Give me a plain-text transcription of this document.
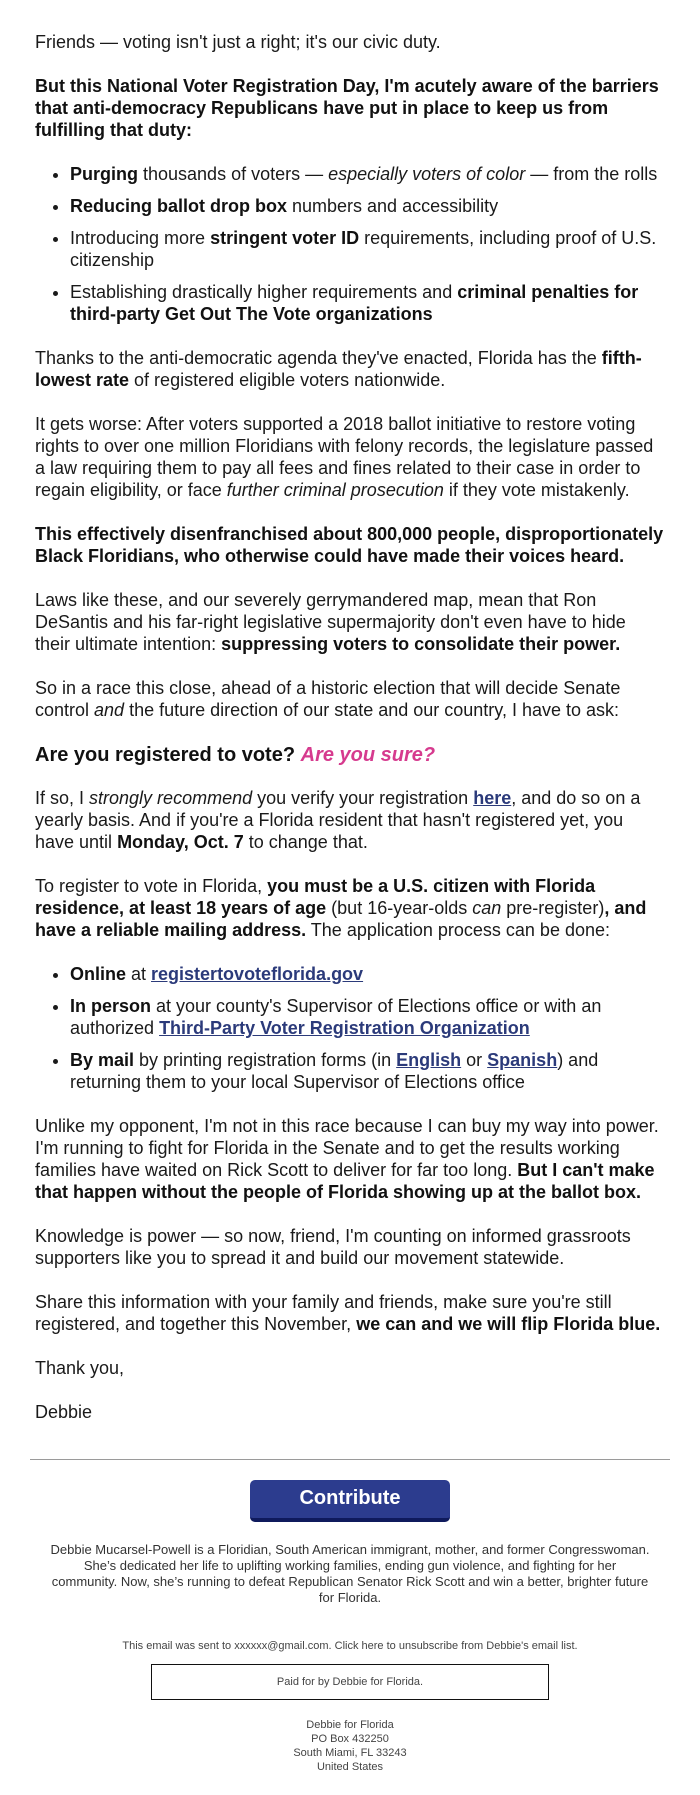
Friends — voting isn't just a right; it's our civic duty.

But this National Voter Registration Day, I'm acutely aware of the barriers that anti-democracy Republicans have put in place to keep us from fulfilling that duty:

• Purging thousands of voters — especially voters of color — from the rolls
• Reducing ballot drop box numbers and accessibility
• Introducing more stringent voter ID requirements, including proof of U.S. citizenship
• Establishing drastically higher requirements and criminal penalties for third-party Get Out The Vote organizations

Thanks to the anti-democratic agenda they've enacted, Florida has the fifth-lowest rate of registered eligible voters nationwide.

It gets worse: After voters supported a 2018 ballot initiative to restore voting rights to over one million Floridians with felony records, the legislature passed a law requiring them to pay all fees and fines related to their case in order to regain eligibility, or face further criminal prosecution if they vote mistakenly.

This effectively disenfranchised about 800,000 people, disproportionately Black Floridians, who otherwise could have made their voices heard.

Laws like these, and our severely gerrymandered map, mean that Ron DeSantis and his far-right legislative supermajority don't even have to hide their ultimate intention: suppressing voters to consolidate their power.

So in a race this close, ahead of a historic election that will decide Senate control and the future direction of our state and our country, I have to ask:

Are you registered to vote? Are you sure?

If so, I strongly recommend you verify your registration here, and do so on a yearly basis. And if you're a Florida resident that hasn't registered yet, you have until Monday, Oct. 7 to change that.

To register to vote in Florida, you must be a U.S. citizen with Florida residence, at least 18 years of age (but 16-year-olds can pre-register), and have a reliable mailing address. The application process can be done:

• Online at registertovoteflorida.gov
• In person at your county's Supervisor of Elections office or with an authorized Third-Party Voter Registration Organization
• By mail by printing registration forms (in English or Spanish) and returning them to your local Supervisor of Elections office

Unlike my opponent, I'm not in this race because I can buy my way into power. I'm running to fight for Florida in the Senate and to get the results working families have waited on Rick Scott to deliver for far too long. But I can't make that happen without the people of Florida showing up at the ballot box.

Knowledge is power — so now, friend, I'm counting on informed grassroots supporters like you to spread it and build our movement statewide.

Share this information with your family and friends, make sure you're still registered, and together this November, we can and we will flip Florida blue.

Thank you,

Debbie

Contribute
Debbie Mucarsel-Powell is a Floridian, South American immigrant, mother, and former Congresswoman. She’s dedicated her life to uplifting working families, ending gun violence, and fighting for her community. Now, she’s running to defeat Republican Senator Rick Scott and win a better, brighter future for Florida.
This email was sent to xxxxxx@gmail.com. Click here to unsubscribe from Debbie's email list.
Paid for by Debbie for Florida.
Debbie for Florida
PO Box 432250
South Miami, FL 33243
United States
